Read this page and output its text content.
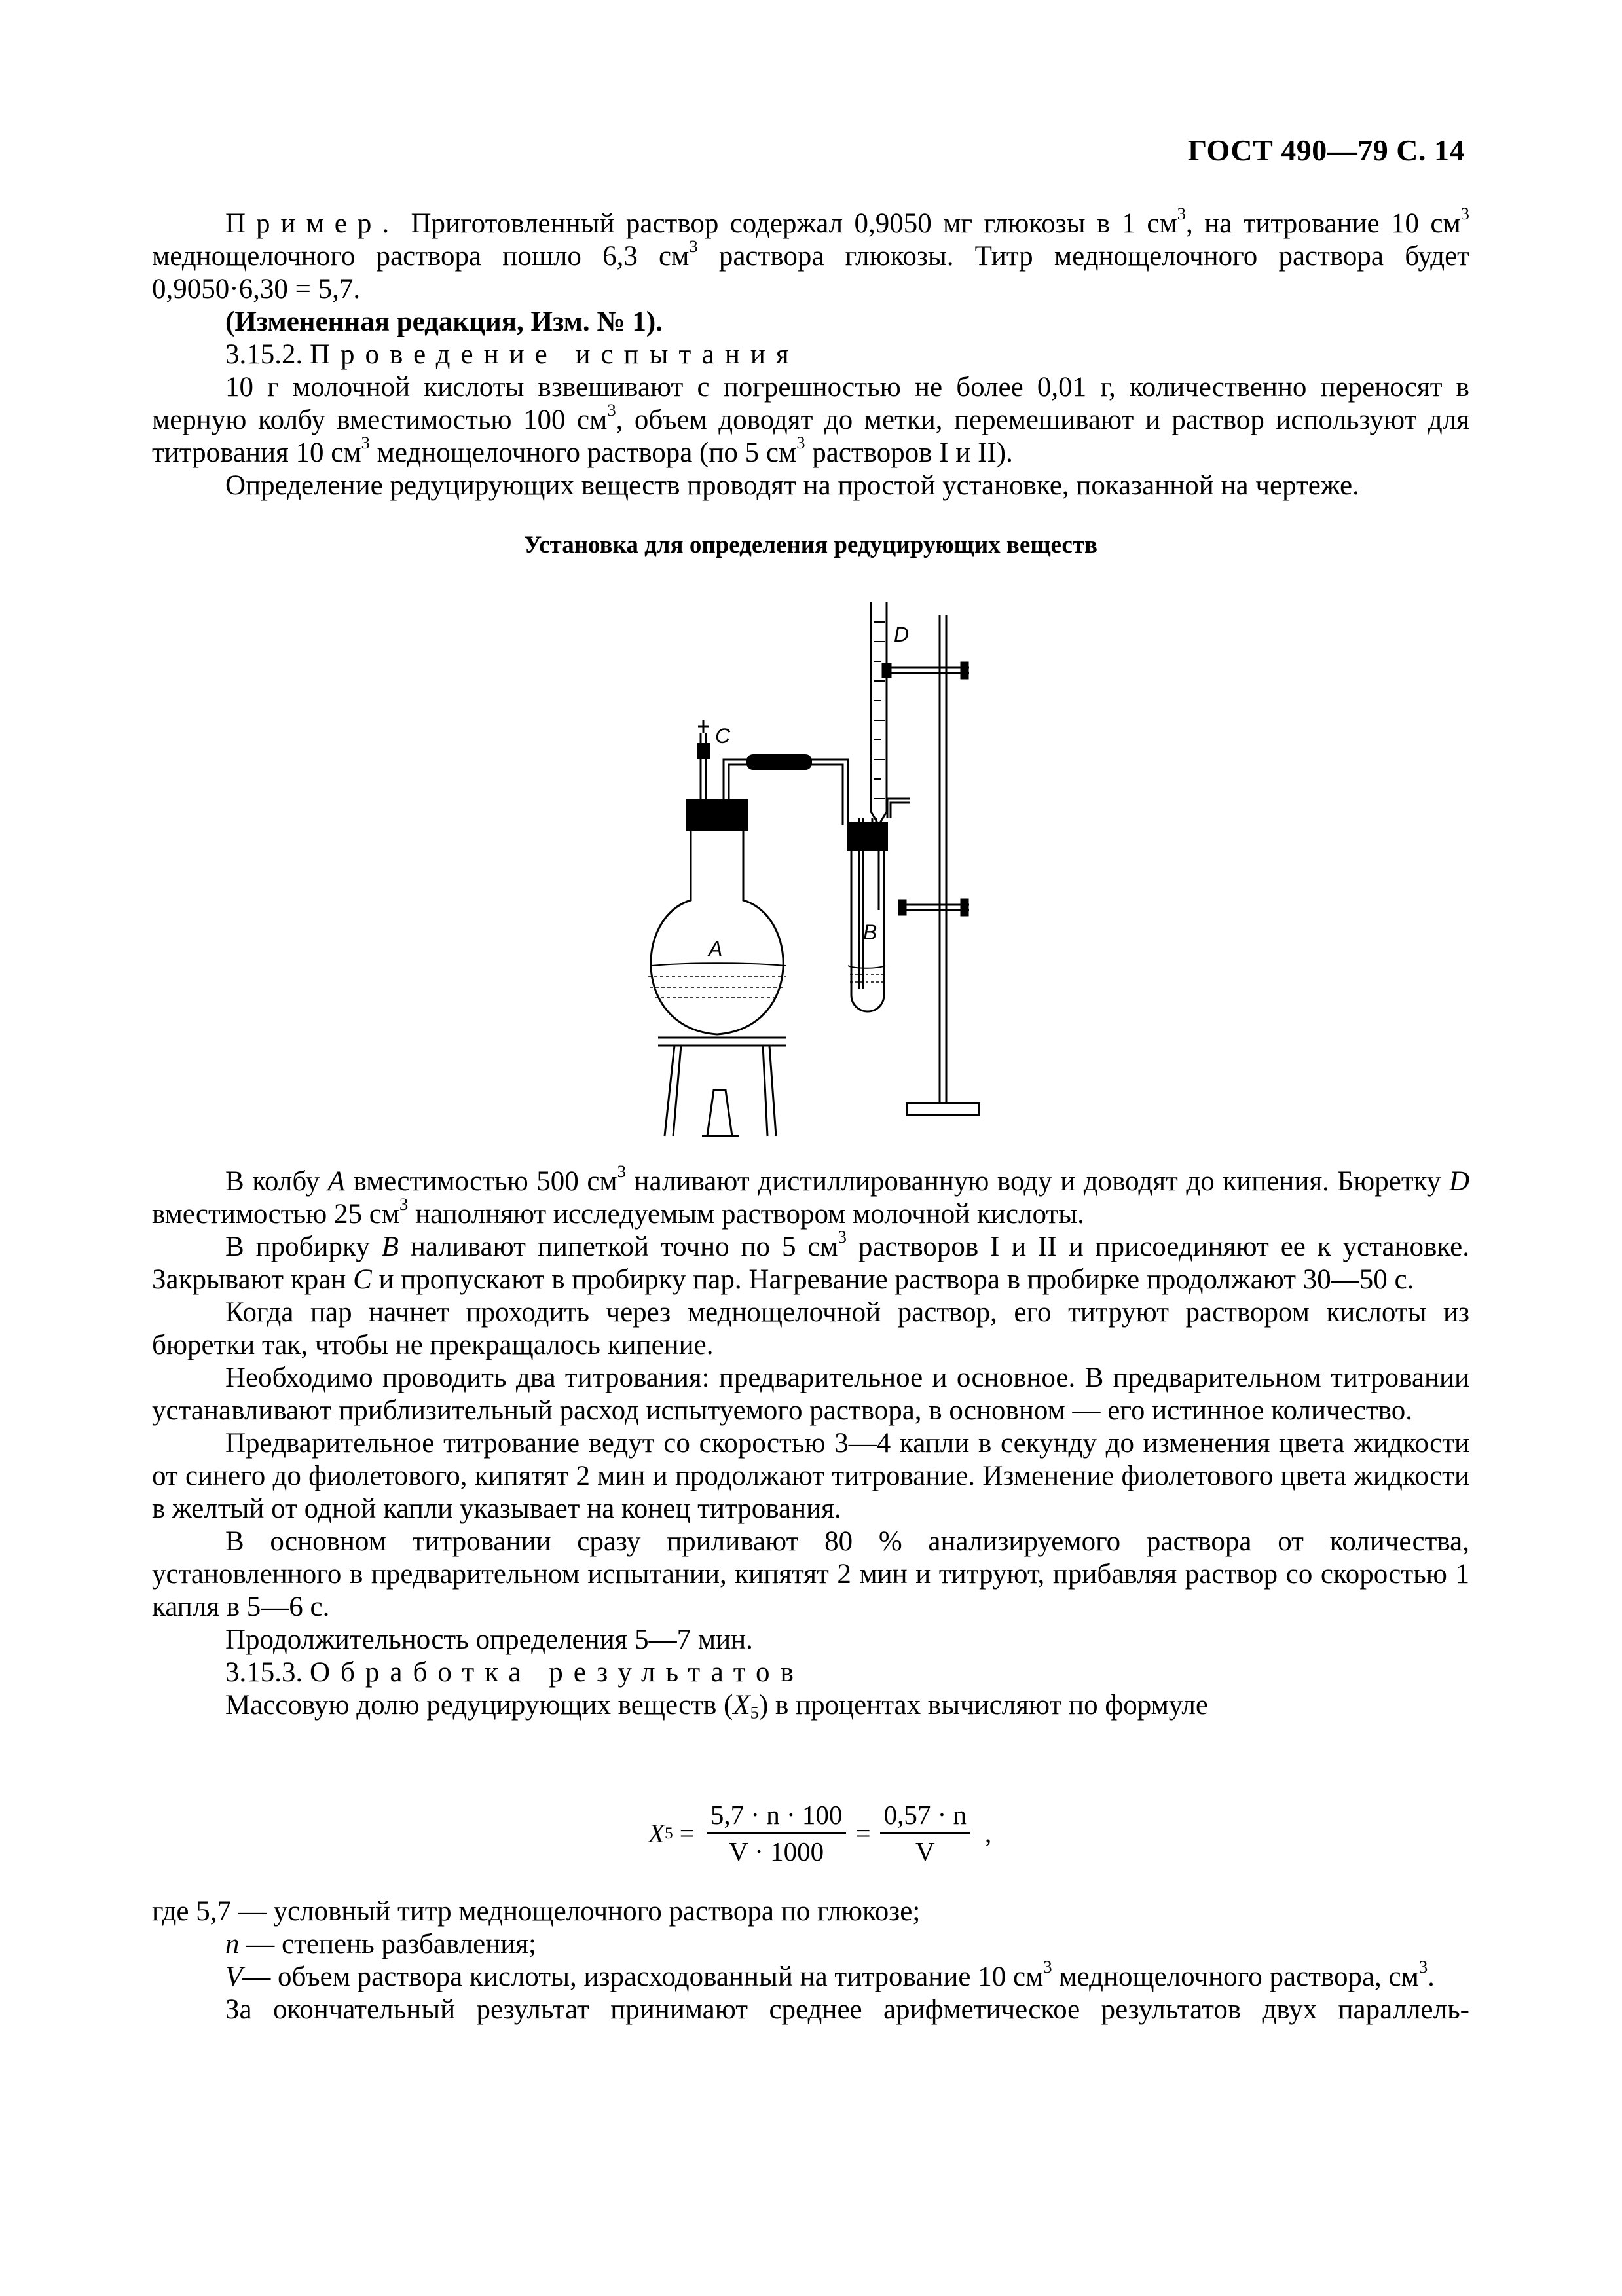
ГОСТ 490—79 С. 14

Пример. Приготовленный раствор содержал 0,9050 мг глюкозы в 1 $см^3$, на титрование 10 $см^3$ меднощелочного раствора пошло 6,3 $см^3$ раствора глюкозы. Титр меднощелочного раствора будет 0,9050·6,30 = 5,7.

(Измененная редакция, Изм. № 1).

3.15.2. Проведение испытания

10 г молочной кислоты взвешивают с погрешностью не более 0,01 г, количественно переносят в мерную колбу вместимостью 100 $см^3$, объем доводят до метки, перемешивают и раствор используют для титрования 10 $см^3$ меднощелочного раствора (по 5 $см^3$ растворов I и II).

Определение редуцирующих веществ проводят на простой установке, показанной на чертеже.

Установка для определения редуцирующих веществ
D
C
A
B

В колбу A вместимостью 500 $см^3$ наливают дистиллированную воду и доводят до кипения. Бюретку D вместимостью 25 $см^3$ наполняют исследуемым раствором молочной кислоты.

В пробирку B наливают пипеткой точно по 5 $см^3$ растворов I и II и присоединяют ее к установке. Закрывают кран C и пропускают в пробирку пар. Нагревание раствора в пробирке продолжают 30—50 с.

Когда пар начнет проходить через меднощелочной раствор, его титруют раствором кислоты из бюретки так, чтобы не прекращалось кипение.

Необходимо проводить два титрования: предварительное и основное. В предварительном титровании устанавливают приблизительный расход испытуемого раствора, в основном — его истинное количество.

Предварительное титрование ведут со скоростью 3—4 капли в секунду до изменения цвета жидкости от синего до фиолетового, кипятят 2 мин и продолжают титрование. Изменение фиолетового цвета жидкости в желтый от одной капли указывает на конец титрования.

В основном титровании сразу приливают 80 % анализируемого раствора от количества, установленного в предварительном испытании, кипятят 2 мин и титруют, прибавляя раствор со скоростью 1 капля в 5—6 с.

Продолжительность определения 5—7 мин.

3.15.3. Обработка результатов

Массовую долю редуцирующих веществ $(X_5)$ в процентах вычисляют по формуле

X $5 = \frac{5,7 \cdot n \cdot 100}{V \cdot 1000} = \frac{0,57 \cdot n}{V}$ ,

где 5,7 — условный титр меднощелочного раствора по глюкозе;

n — степень разбавления;

V— объем раствора кислоты, израсходованный на титрование 10 $см^3$ меднощелочного раствора, $см^3$.

За окончательный результат принимают среднее арифметическое результатов двух параллель-
